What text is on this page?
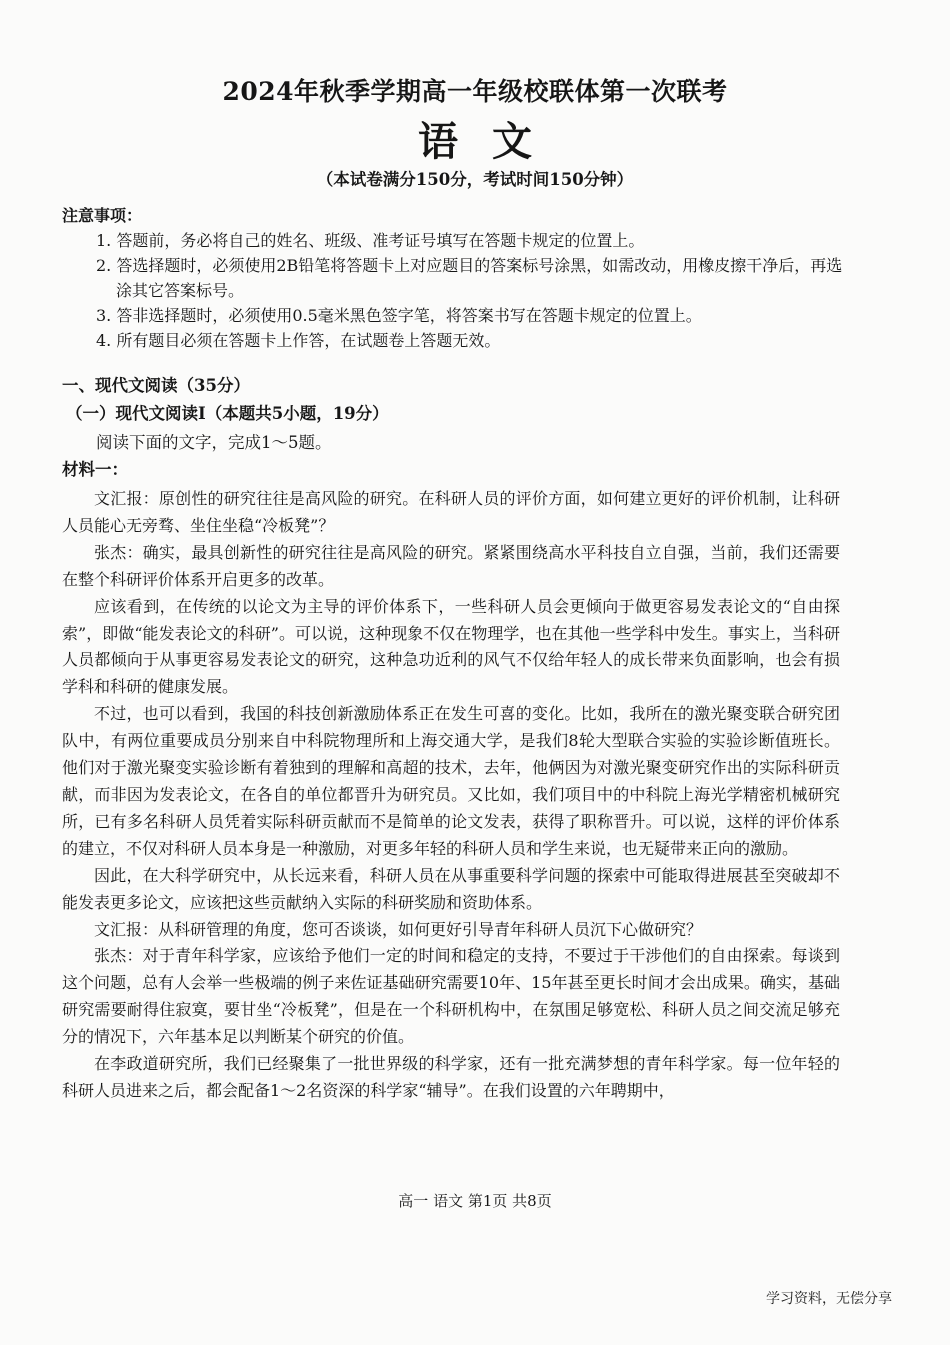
2024年秋季学期高一年级校联体第一次联考
语文
（本试卷满分150分，考试时间150分钟）
注意事项：
1. 答题前，务必将自己的姓名、班级、准考证号填写在答题卡规定的位置上。
2. 答选择题时，必须使用2B铅笔将答题卡上对应题目的答案标号涂黑，如需改动，用橡皮擦干净后，再选涂其它答案标号。
3. 答非选择题时，必须使用0.5毫米黑色签字笔，将答案书写在答题卡规定的位置上。
4. 所有题目必须在答题卡上作答，在试题卷上答题无效。
一、现代文阅读（35分）
（一）现代文阅读Ⅰ（本题共5小题，19分）
阅读下面的文字，完成1～5题。
材料一：

文汇报：原创性的研究往往是高风险的研究。在科研人员的评价方面，如何建立更好的评价机制，让科研人员能心无旁骛、坐住坐稳“冷板凳”？

张杰：确实，最具创新性的研究往往是高风险的研究。紧紧围绕高水平科技自立自强，当前，我们还需要在整个科研评价体系开启更多的改革。

应该看到，在传统的以论文为主导的评价体系下，一些科研人员会更倾向于做更容易发表论文的“自由探索”，即做“能发表论文的科研”。可以说，这种现象不仅在物理学，也在其他一些学科中发生。事实上，当科研人员都倾向于从事更容易发表论文的研究，这种急功近利的风气不仅给年轻人的成长带来负面影响，也会有损学科和科研的健康发展。

不过，也可以看到，我国的科技创新激励体系正在发生可喜的变化。比如，我所在的激光聚变联合研究团队中，有两位重要成员分别来自中科院物理所和上海交通大学，是我们8轮大型联合实验的实验诊断值班长。他们对于激光聚变实验诊断有着独到的理解和高超的技术，去年，他俩因为对激光聚变研究作出的实际科研贡献，而非因为发表论文，在各自的单位都晋升为研究员。又比如，我们项目中的中科院上海光学精密机械研究所，已有多名科研人员凭着实际科研贡献而不是简单的论文发表，获得了职称晋升。可以说，这样的评价体系的建立，不仅对科研人员本身是一种激励，对更多年轻的科研人员和学生来说，也无疑带来正向的激励。

因此，在大科学研究中，从长远来看，科研人员在从事重要科学问题的探索中可能取得进展甚至突破却不能发表更多论文，应该把这些贡献纳入实际的科研奖励和资助体系。

文汇报：从科研管理的角度，您可否谈谈，如何更好引导青年科研人员沉下心做研究？

张杰：对于青年科学家，应该给予他们一定的时间和稳定的支持，不要过于干涉他们的自由探索。每谈到这个问题，总有人会举一些极端的例子来佐证基础研究需要10年、15年甚至更长时间才会出成果。确实，基础研究需要耐得住寂寞，要甘坐“冷板凳”，但是在一个科研机构中，在氛围足够宽松、科研人员之间交流足够充分的情况下，六年基本足以判断某个研究的价值。

在李政道研究所，我们已经聚集了一批世界级的科学家，还有一批充满梦想的青年科学家。每一位年轻的科研人员进来之后，都会配备1～2名资深的科学家“辅导”。在我们设置的六年聘期中，

高一 语文 第1页 共8页
学习资料，无偿分享
